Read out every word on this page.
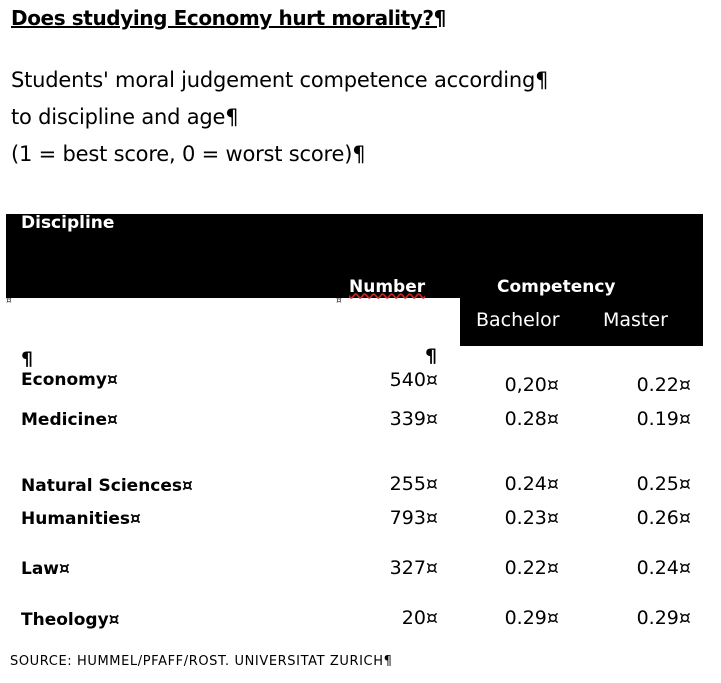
Does studying Economy hurt morality?¶
Students' moral judgement competence according¶
to discipline and age¶
(1 = best score, 0 = worst score)¶
Discipline
Number	Competency
Bachelor Master
¤	¤
¶	¶
Economy¤	540¤	0,20¤	0.22¤
Medicine¤	339¤	0.28¤	0.19¤
Natural Sciences¤	255¤	0.24¤	0.25¤
Humanities¤	793¤	0.23¤	0.26¤
Law¤	327¤	0.22¤	0.24¤
Theology¤	20¤	0.29¤	0.29¤
SOURCE: HUMMEL/PFAFF/ROST. UNIVERSITAT ZURICH¶
